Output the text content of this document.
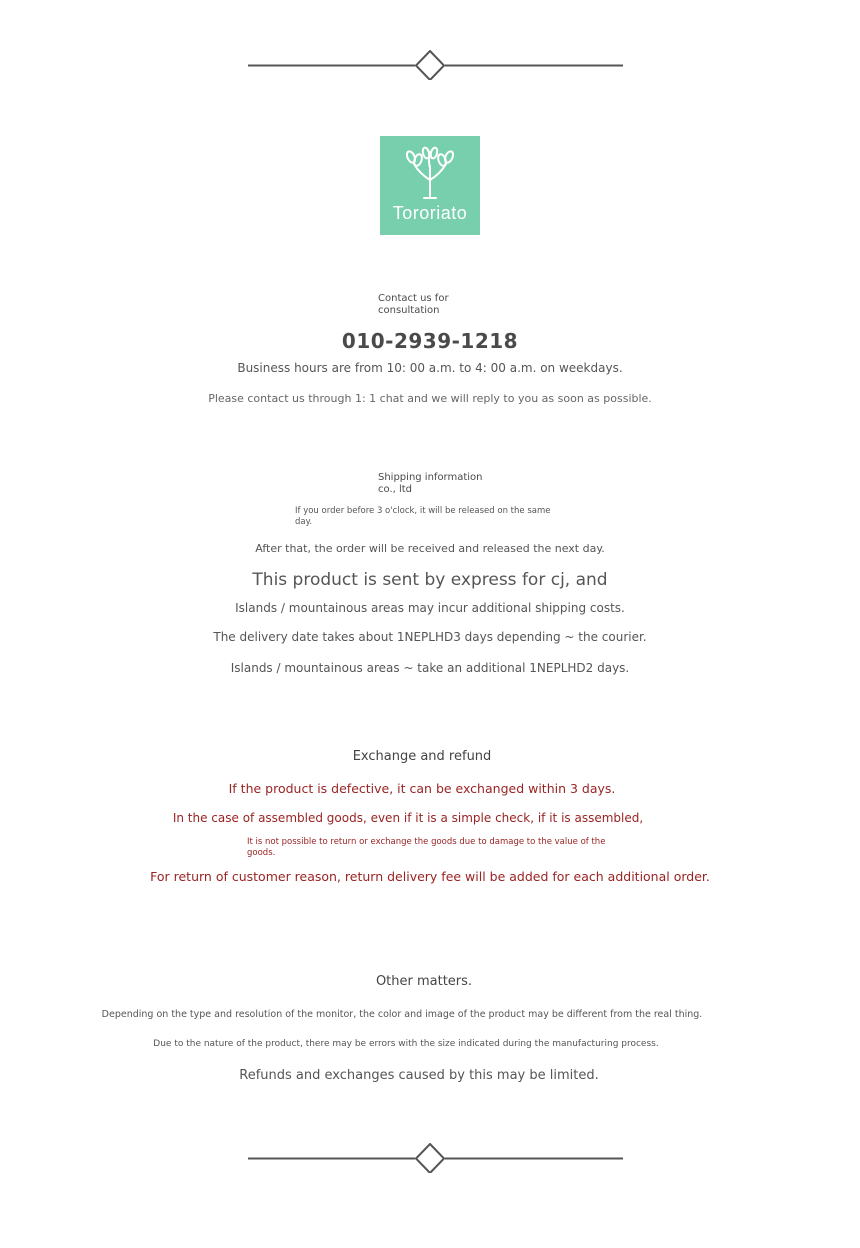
Tororiato
Contact us for consultation
010-2939-1218
Business hours are from 10: 00 a.m. to 4: 00 a.m. on weekdays.
Please contact us through 1: 1 chat and we will reply to you as soon as possible.
Shipping information co., ltd
If you order before 3 o'clock, it will be released on the same day.
After that, the order will be received and released the next day.
This product is sent by express for cj, and
Islands / mountainous areas may incur additional shipping costs.
The delivery date takes about 1NEPLHD3 days depending ~ the courier.
Islands / mountainous areas ~ take an additional 1NEPLHD2 days.
Exchange and refund
If the product is defective, it can be exchanged within 3 days.
In the case of assembled goods, even if it is a simple check, if it is assembled,
It is not possible to return or exchange the goods due to damage to the value of the goods.
For return of customer reason, return delivery fee will be added for each additional order.
Other matters.
Depending on the type and resolution of the monitor, the color and image of the product may be different from the real thing.
Due to the nature of the product, there may be errors with the size indicated during the manufacturing process.
Refunds and exchanges caused by this may be limited.
